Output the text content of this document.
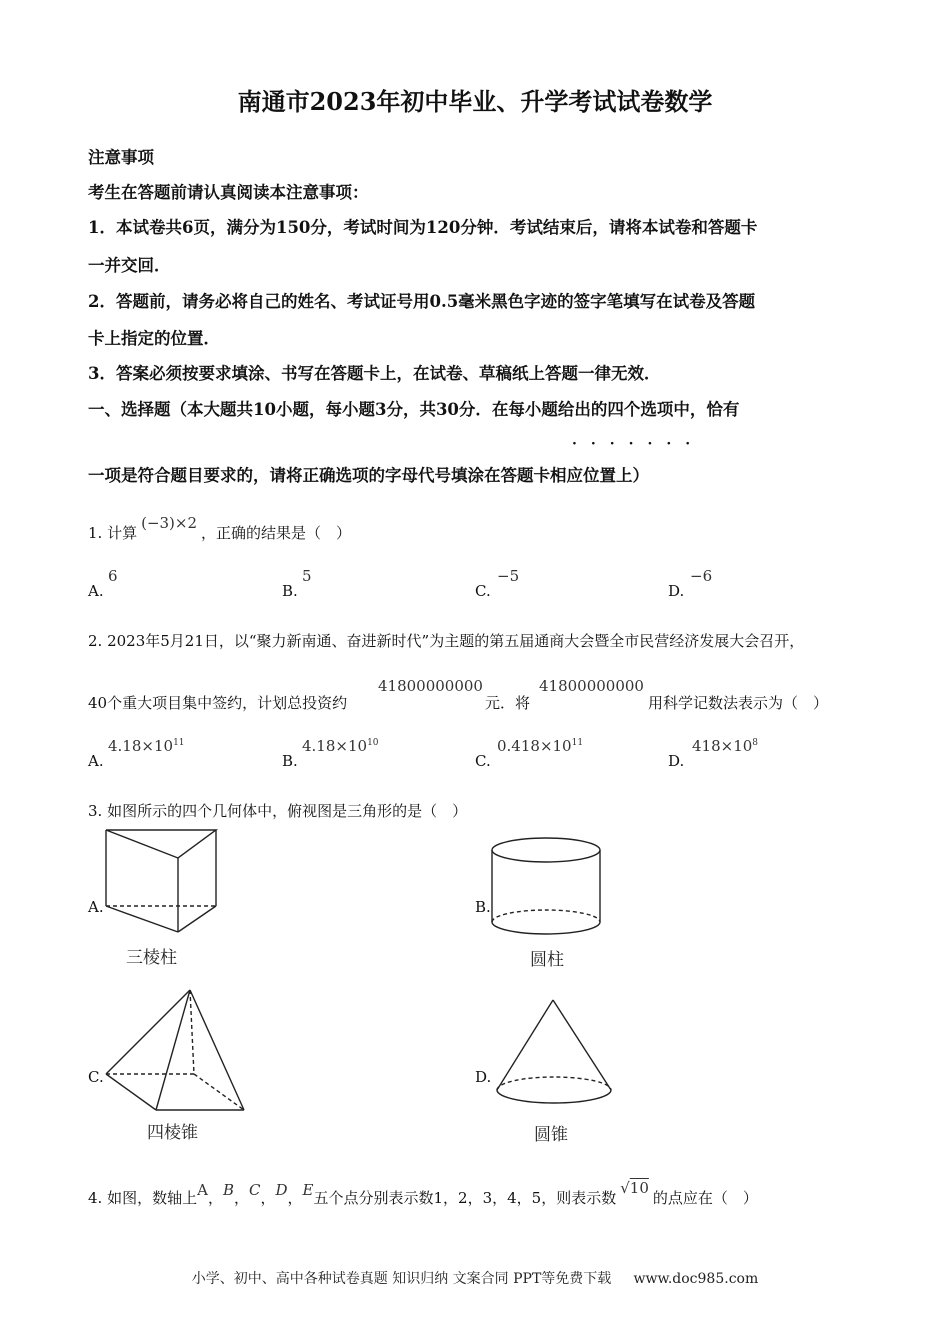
南通市2023年初中毕业、升学考试试卷数学
注意事项
考生在答题前请认真阅读本注意事项：
1．本试卷共6页，满分为150分，考试时间为120分钟．考试结束后，请将本试卷和答题卡
一并交回．
2．答题前，请务必将自己的姓名、考试证号用0.5毫米黑色字迹的签字笔填写在试卷及答题
卡上指定的位置．
3．答案必须按要求填涂、书写在答题卡上，在试卷、草稿纸上答题一律无效．
一、选择题（本大题共10小题，每小题3分，共30分．在每小题给出的四个选项中，恰有
·······
一项是符合题目要求的，请将正确选项的字母代号填涂在答题卡相应位置上）
1. 计算(−3)×2，正确的结果是（　）
A.
6
B.
5
C.
−5
D.
−6
2. 2023年5月21日，以“聚力新南通、奋进新时代”为主题的第五届通商大会暨全市民营经济发展大会召开，
40个重大项目集中签约，计划总投资约
41800000000
元．将
41800000000
用科学记数法表示为（　）
A.
$4.18\times 10^{11}$
B.
$4.18\times 10^{10}$
C.
$0.418\times 10^{11}$
D.
$418\times 10^8$
3. 如图所示的四个几何体中，俯视图是三角形的是（　）
A.
三棱柱
B.
圆柱
C.
四棱锥
D.
圆锥
4. 如图，数轴上A，B，C，D，E五个点分别表示数1，2，3，4，5，则表示数√10的点应在（　）
小学、初中、高中各种试卷真题 知识归纳 文案合同 PPT等免费下载 www.doc985.com
